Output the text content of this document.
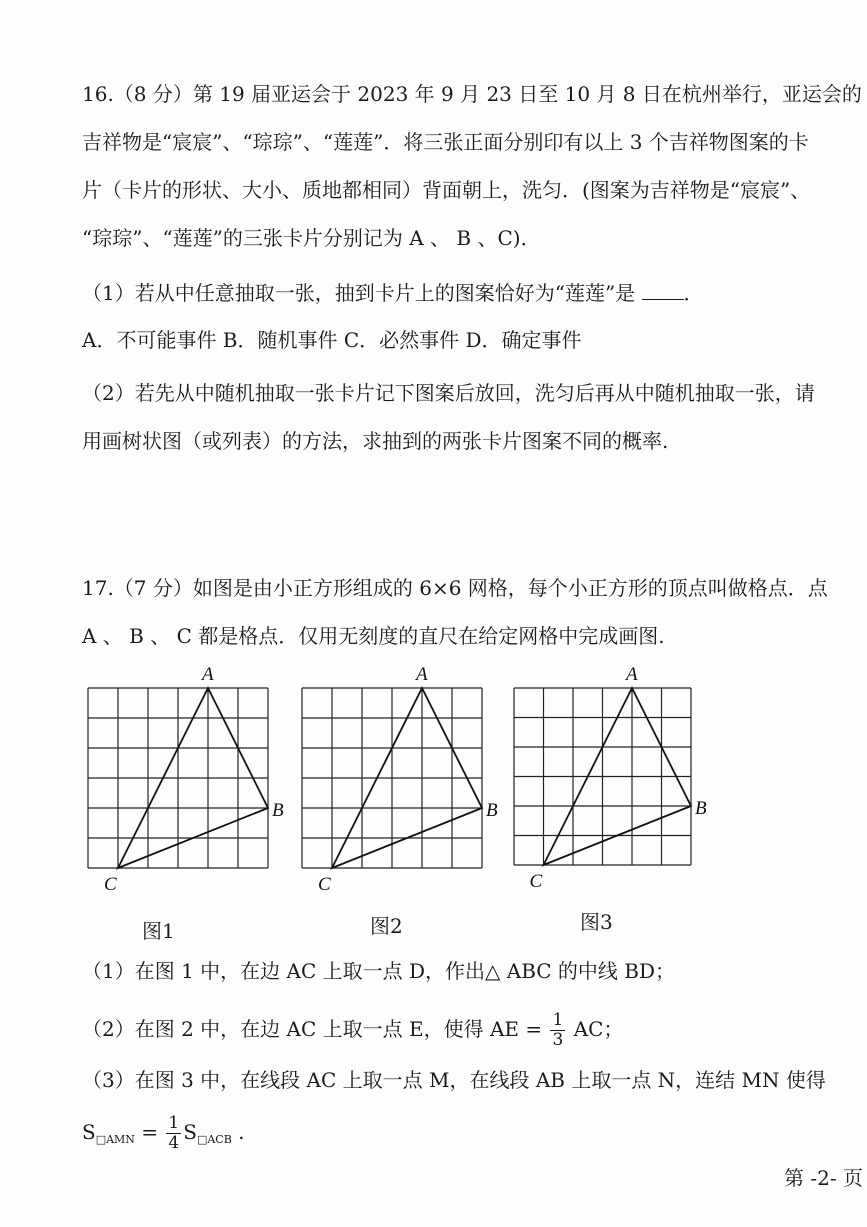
16.（8 分）第 19 届亚运会于 2023 年 9 月 23 日至 10 月 8 日在杭州举行，亚运会的
吉祥物是“宸宸”、“琮琮”、“莲莲”．将三张正面分别印有以上 3 个吉祥物图案的卡
片（卡片的形状、大小、质地都相同）背面朝上，洗匀．(图案为吉祥物是“宸宸”、
“琮琮”、“莲莲”的三张卡片分别记为 A 、 B 、C)．
（1）若从中任意抽取一张，抽到卡片上的图案恰好为“莲莲”是 ．
A．不可能事件 B．随机事件 C．必然事件 D．确定事件
（2）若先从中随机抽取一张卡片记下图案后放回，洗匀后再从中随机抽取一张，请
用画树状图（或列表）的方法，求抽到的两张卡片图案不同的概率.
17.（7 分）如图是由小正方形组成的 6×6 网格，每个小正方形的顶点叫做格点．点
A 、 B 、 C 都是格点．仅用无刻度的直尺在给定网格中完成画图.
A
B
C
A
B
C
A
B
C
图1	图2	图3
（1）在图 1 中，在边 AC 上取一点 D，作出△ ABC 的中线 BD；
（2）在图 2 中，在边 AC 上取一点 E，使得 AE = $\frac{1}{3}$ AC；
（3）在图 3 中，在线段 AC 上取一点 M，在线段 AB 上取一点 N，连结 MN 使得
$S_{□AMN} = \frac{1}{4} S_{□ACB}$ .
第 -2- 页
